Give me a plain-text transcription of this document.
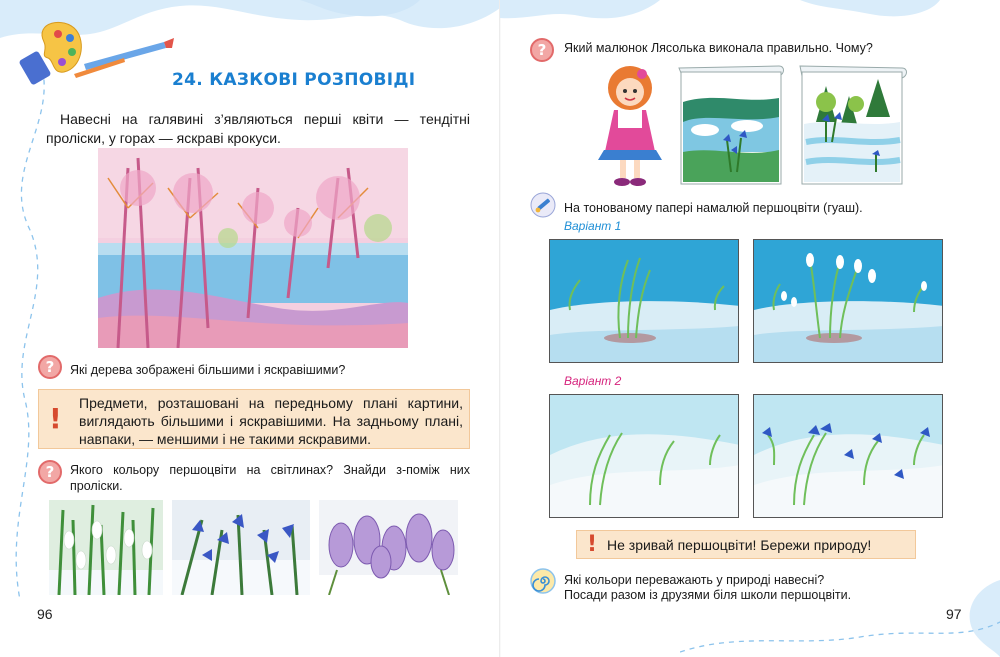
24. КАЗКОВІ РОЗПОВІДІ
Навесні на галявині з’являються перші квіти — тендітні проліски, у горах — яскраві крокуси.
?	Які дерева зображені більшими і яскравішими?
! Предмети, розташовані на передньому плані картини, виглядають більшими і яскравішими. На задньому плані, навпаки, — меншими і не такими яскравими.
?	Якого кольору першоцвіти на світлинах? Знайди з-поміж них проліски.
96
?	Який малюнок Лясолька виконала правильно. Чому?
На тонованому папері намалюй першоцвіти (гуаш).
Варіант 1
Варіант 2
! Не зривай першоцвіти! Бережи природу!
Які кольори переважають у природі навесні?
Посади разом із друзями біля школи першоцвіти.
97
